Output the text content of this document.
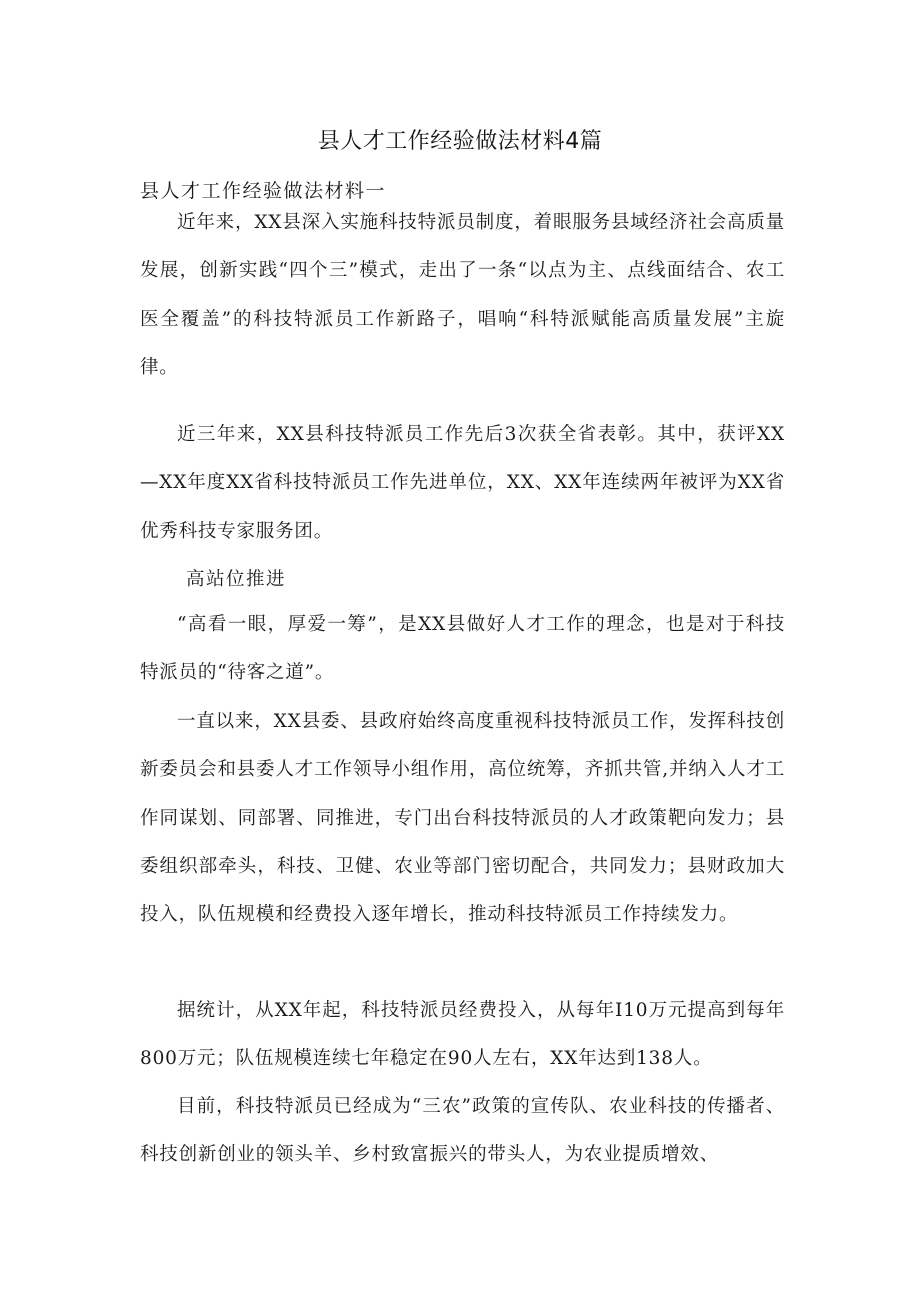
县人才工作经验做法材料4篇
县人才工作经验做法材料一

近年来，XX县深入实施科技特派员制度，着眼服务县域经济社会高质量发展，创新实践“四个三”模式，走出了一条“以点为主、点线面结合、农工医全覆盖”的科技特派员工作新路子，唱响“科特派赋能高质量发展”主旋律。

近三年来，XX县科技特派员工作先后3次获全省表彰。其中，获评XX—XX年度XX省科技特派员工作先进单位，XX、XX年连续两年被评为XX省优秀科技专家服务团。

高站位推进

“高看一眼，厚爱一筹”，是XX县做好人才工作的理念，也是对于科技特派员的“待客之道”。

一直以来，XX县委、县政府始终高度重视科技特派员工作，发挥科技创新委员会和县委人才工作领导小组作用，高位统筹，齐抓共管,并纳入人才工作同谋划、同部署、同推进，专门出台科技特派员的人才政策靶向发力；县委组织部牵头，科技、卫健、农业等部门密切配合，共同发力；县财政加大投入，队伍规模和经费投入逐年增长，推动科技特派员工作持续发力。

据统计，从XX年起，科技特派员经费投入，从每年I10万元提高到每年800万元；队伍规模连续七年稳定在90人左右，XX年达到138人。

目前，科技特派员已经成为“三农”政策的宣传队、农业科技的传播者、科技创新创业的领头羊、乡村致富振兴的带头人，为农业提质增效、
